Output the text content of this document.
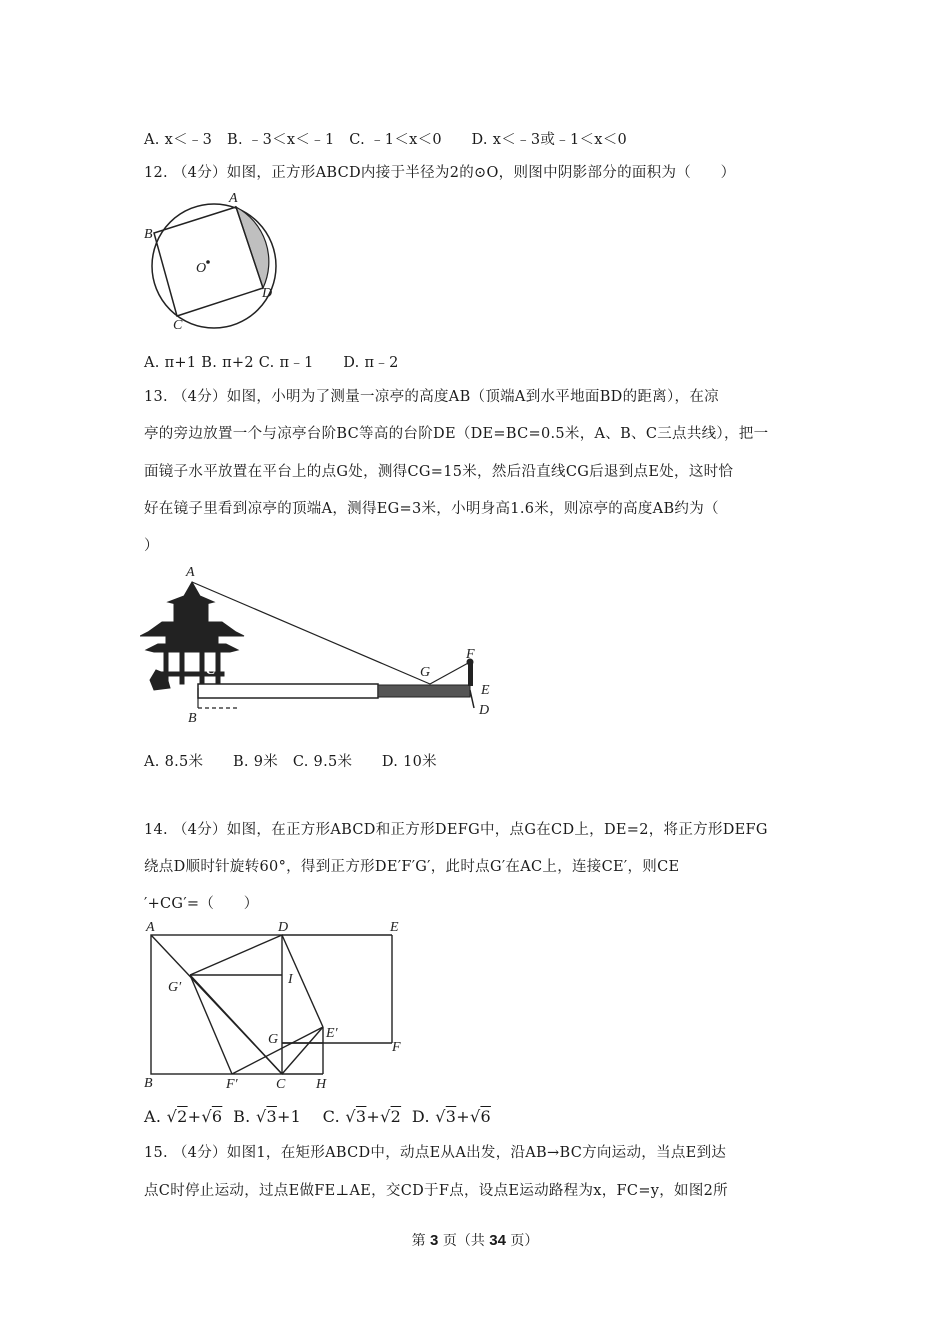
A. x＜﹣3　B. ﹣3＜x＜﹣1　C. ﹣1＜x＜0　　D. x＜﹣3或﹣1＜x＜0
12. （4分）如图，正方形ABCD内接于半径为2的⊙O，则图中阴影部分的面积为（　　）
A
B
C
D
O
A. π+1 B. π+2 C. π﹣1　　D. π﹣2
13. （4分）如图，小明为了测量一凉亭的高度AB（顶端A到水平地面BD的距离），在凉
亭的旁边放置一个与凉亭台阶BC等高的台阶DE（DE=BC=0.5米，A、B、C三点共线），把一
面镜子水平放置在平台上的点G处，测得CG=15米，然后沿直线CG后退到点E处，这时恰
好在镜子里看到凉亭的顶端A，测得EG=3米，小明身高1.6米，则凉亭的高度AB约为（
）
A
C
B
G
F
E
D
A. 8.5米　　B. 9米　C. 9.5米　　D. 10米
14. （4分）如图，在正方形ABCD和正方形DEFG中，点G在CD上，DE=2，将正方形DEFG
绕点D顺时针旋转60°，得到正方形DE′F′G′，此时点G′在AC上，连接CE′，则CE
′+CG′=（　　）
A	D	E
F
B	C H
F′
G′
I
G	E′
A. √2+√6 B. √3+1 C. √3+√2 D. √3+√6
15. （4分）如图1，在矩形ABCD中，动点E从A出发，沿AB→BC方向运动，当点E到达
点C时停止运动，过点E做FE⊥AE，交CD于F点，设点E运动路程为x，FC=y，如图2所
第 3 页（共 34 页）
